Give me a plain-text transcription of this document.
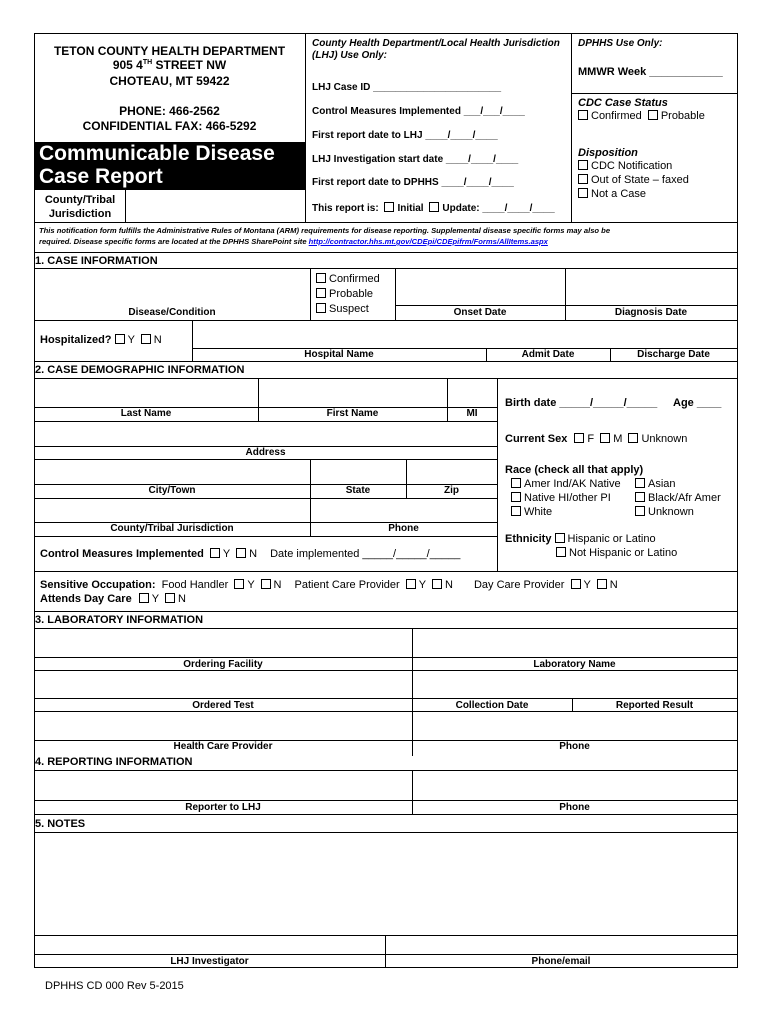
TETON COUNTY HEALTH DEPARTMENT
905 4TH STREET NW
CHOTEAU, MT 59422
PHONE: 466-2562
CONFIDENTIAL FAX: 466-5292
Communicable Disease
Case Report
County/Tribal
Jurisdiction
County Health Department/Local Health Jurisdiction
(LHJ) Use Only:
LHJ Case ID _______________________
Control Measures Implemented ___/___/____
First report date to LHJ ____/____/____
LHJ Investigation start date ____/____/____
First report date to DPHHS ____/____/____
This report is: Initial Update: ____/____/____
DPHHS Use Only:
MMWR Week ____________
CDC Case Status
Confirmed Probable
Disposition
CDC Notification
Out of State – faxed
Not a Case
This notification form fulfills the Administrative Rules of Montana (ARM) requirements for disease reporting. Supplemental disease specific forms may also be
required. Disease specific forms are located at the DPHHS SharePoint site http://contractor.hhs.mt.gov/CDEpi/CDEpifrm/Forms/AllItems.aspx
1. CASE INFORMATION
Confirmed
Probable
Suspect
Disease/Condition	Onset Date	Diagnosis Date
Hospitalized? Y N
Hospital Name	Admit Date	Discharge Date
2. CASE DEMOGRAPHIC INFORMATION
Last Name	First Name	MI
Birth date _____/_____/_____ Age ____
Address
Current Sex F M Unknown
City/Town	State	Zip
Race (check all that apply)
Amer Ind/AK Native	Asian
Native HI/other PI	Black/Afr Amer
White	Unknown
County/Tribal Jurisdiction	Phone
Ethnicity Hispanic or Latino
Not Hispanic or Latino
Control Measures Implemented Y N Date implemented _____/_____/_____
Sensitive Occupation: Food Handler Y N Patient Care Provider Y N Day Care Provider Y N
Attends Day Care Y N
3. LABORATORY INFORMATION
Ordering Facility	Laboratory Name
Ordered Test	Collection Date	Reported Result
Health Care Provider	Phone
4. REPORTING INFORMATION
Reporter to LHJ	Phone
5. NOTES
LHJ Investigator	Phone/email
DPHHS CD 000 Rev 5-2015
